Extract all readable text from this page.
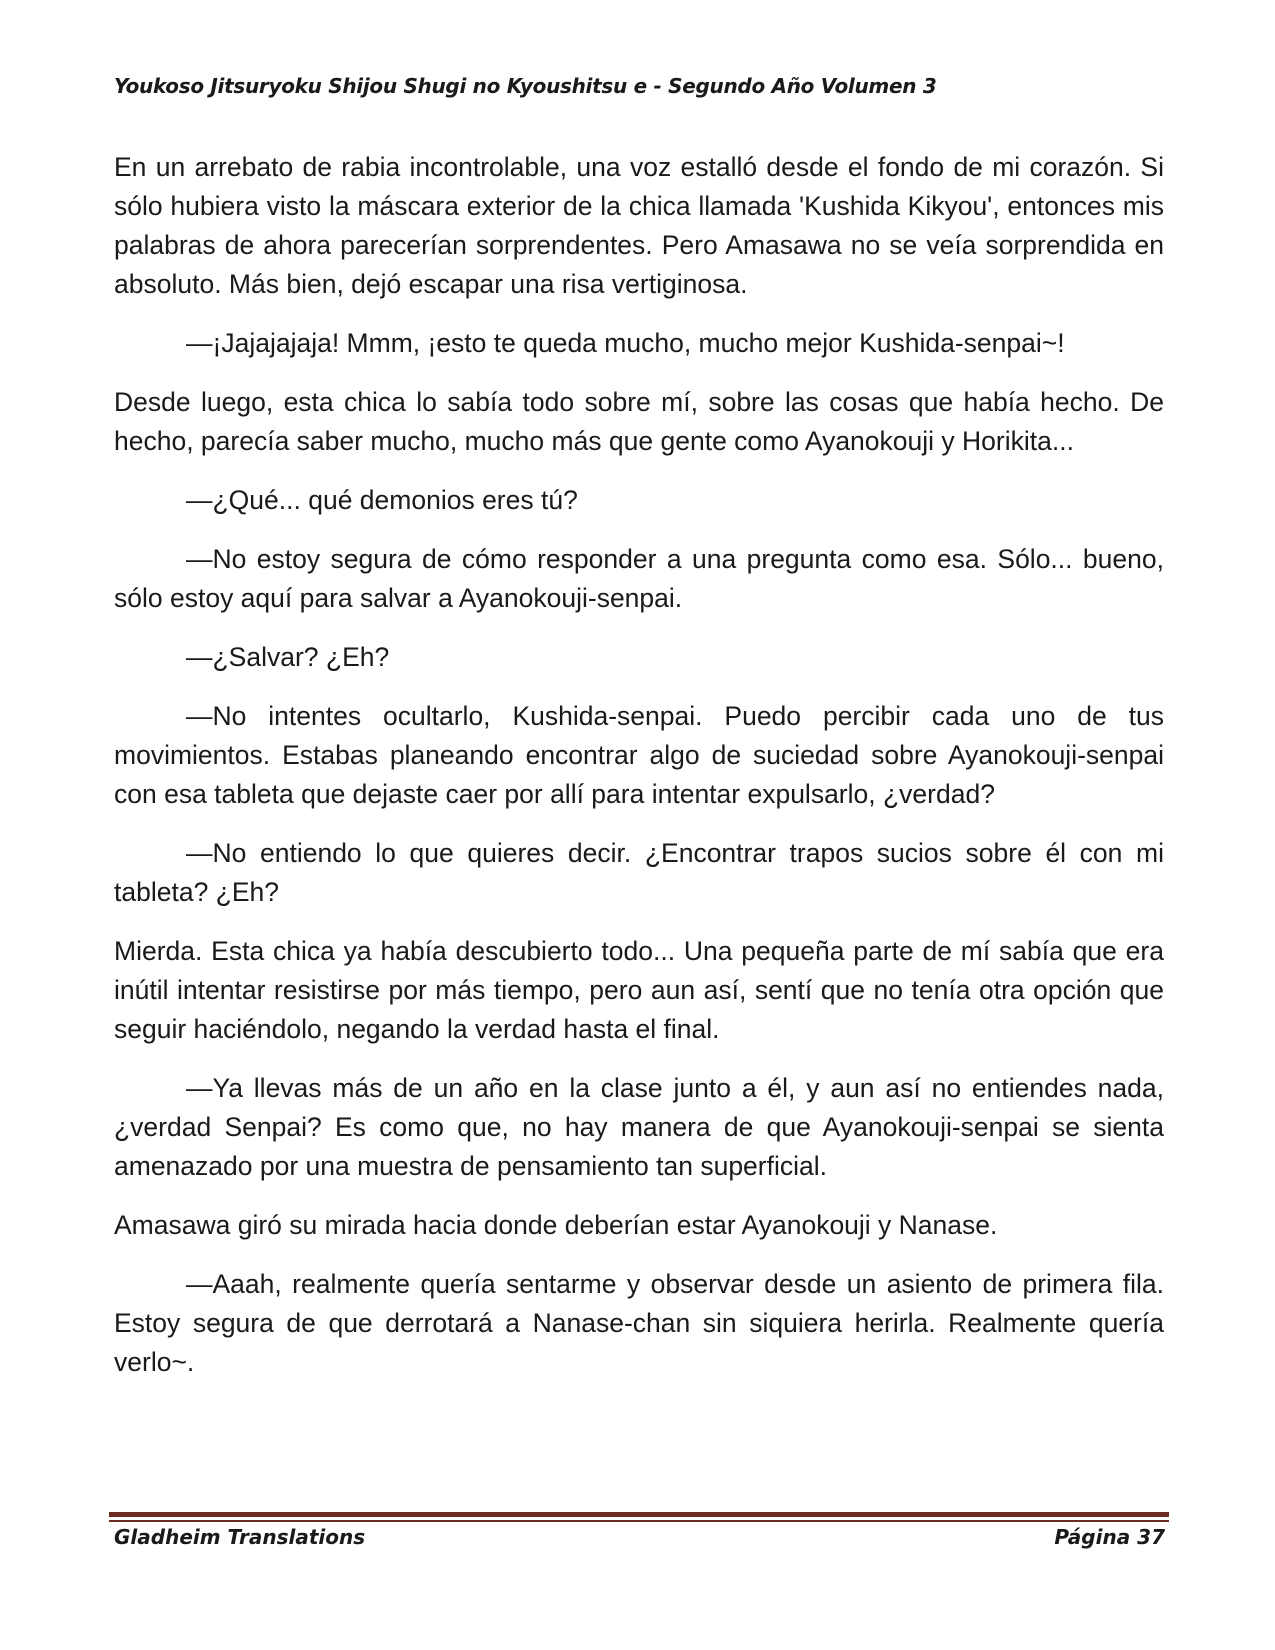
Youkoso Jitsuryoku Shijou Shugi no Kyoushitsu e - Segundo Año Volumen 3

En un arrebato de rabia incontrolable, una voz estalló desde el fondo de mi corazón. Si sólo hubiera visto la máscara exterior de la chica llamada 'Kushida Kikyou', entonces mis palabras de ahora parecerían sorprendentes. Pero Amasawa no se veía sorprendida en absoluto. Más bien, dejó escapar una risa vertiginosa.

—¡Jajajajaja! Mmm, ¡esto te queda mucho, mucho mejor Kushida-senpai~!

Desde luego, esta chica lo sabía todo sobre mí, sobre las cosas que había hecho. De hecho, parecía saber mucho, mucho más que gente como Ayanokouji y Horikita...

—¿Qué... qué demonios eres tú?

—No estoy segura de cómo responder a una pregunta como esa. Sólo... bueno, sólo estoy aquí para salvar a Ayanokouji-senpai.

—¿Salvar? ¿Eh?

—No intentes ocultarlo, Kushida-senpai. Puedo percibir cada uno de tus movimientos. Estabas planeando encontrar algo de suciedad sobre Ayanokouji-senpai con esa tableta que dejaste caer por allí para intentar expulsarlo, ¿verdad?

—No entiendo lo que quieres decir. ¿Encontrar trapos sucios sobre él con mi tableta? ¿Eh?

Mierda. Esta chica ya había descubierto todo... Una pequeña parte de mí sabía que era inútil intentar resistirse por más tiempo, pero aun así, sentí que no tenía otra opción que seguir haciéndolo, negando la verdad hasta el final.

—Ya llevas más de un año en la clase junto a él, y aun así no entiendes nada, ¿verdad Senpai? Es como que, no hay manera de que Ayanokouji-senpai se sienta amenazado por una muestra de pensamiento tan superficial.

Amasawa giró su mirada hacia donde deberían estar Ayanokouji y Nanase.

—Aaah, realmente quería sentarme y observar desde un asiento de primera fila. Estoy segura de que derrotará a Nanase-chan sin siquiera herirla. Realmente quería verlo~.

Gladheim Translations	Página 37
